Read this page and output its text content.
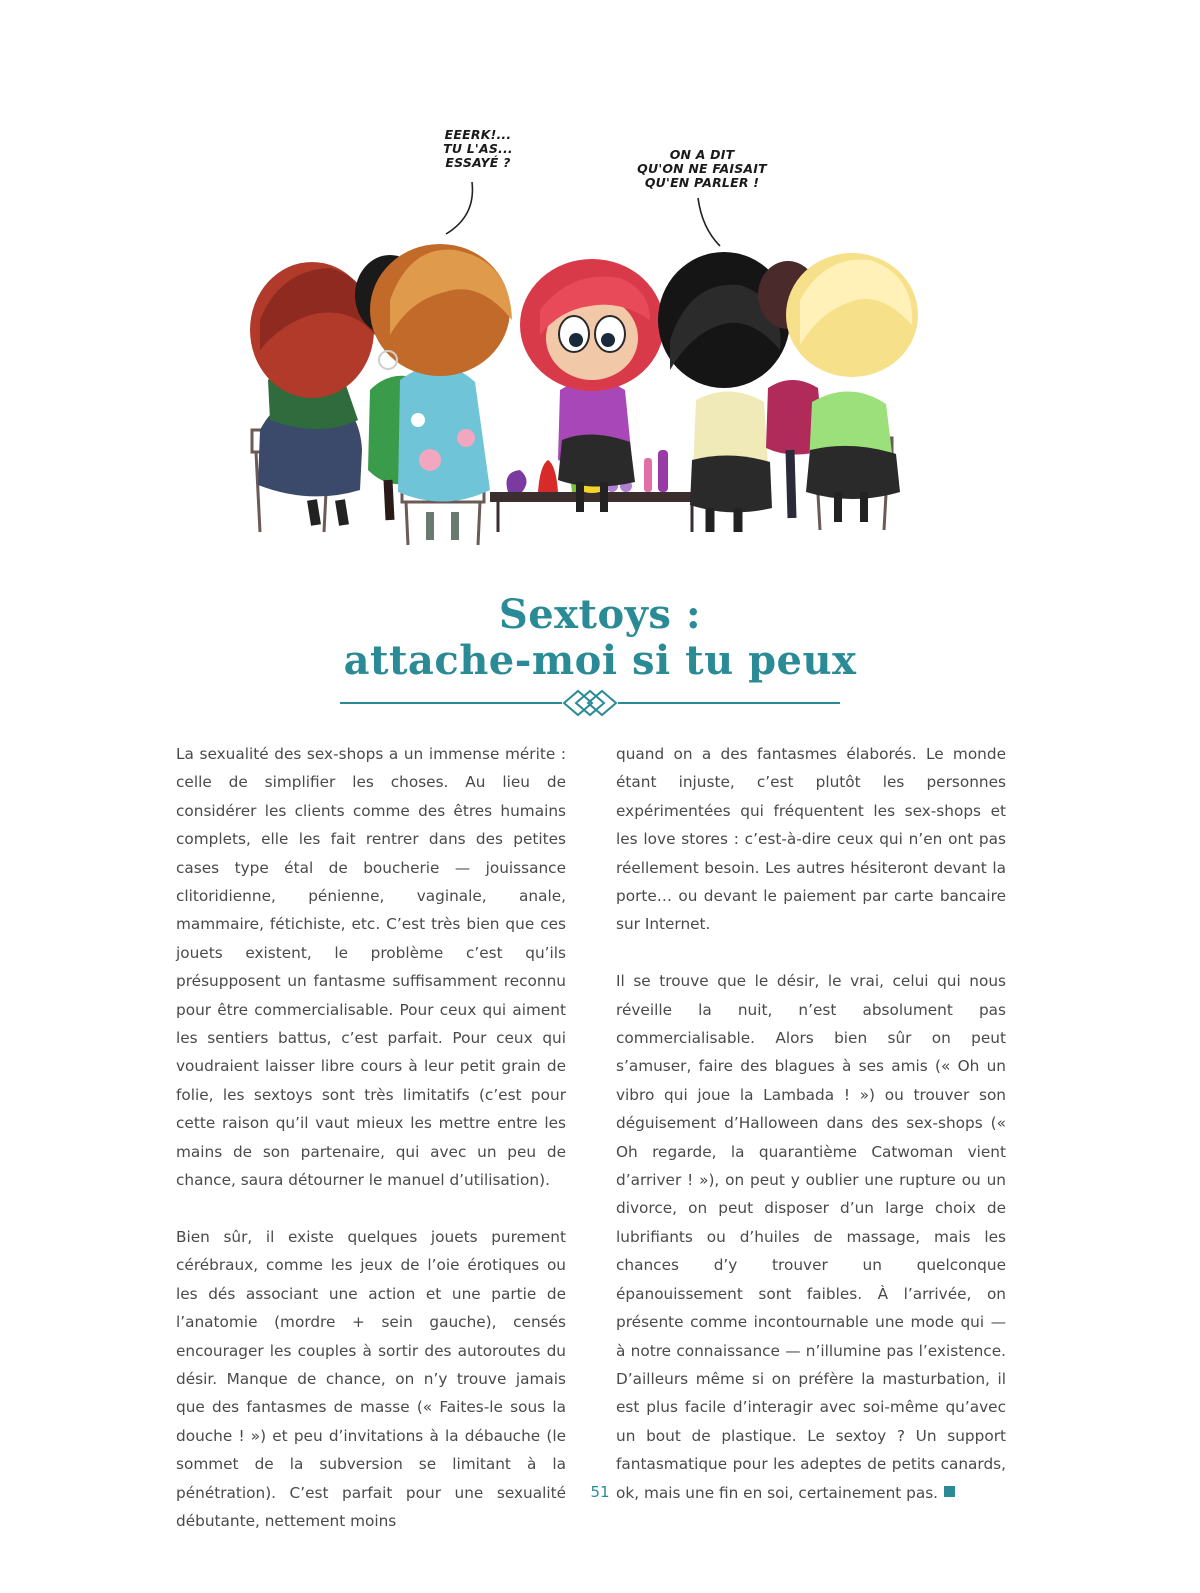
EEERK!...
TU L'AS...
ESSAYÉ ?
ON A DIT
QU'ON NE FAISAIT
QU'EN PARLER !
Sextoys :
attache-moi si tu peux

La sexualité des sex-shops a un immense mérite : celle de simplifier les choses. Au lieu de considérer les clients comme des êtres humains complets, elle les fait rentrer dans des petites cases type étal de boucherie — jouissance clitoridienne, pénienne, vaginale, anale, mammaire, fétichiste, etc. C’est très bien que ces jouets existent, le problème c’est qu’ils présupposent un fantasme suffisamment reconnu pour être commercialisable. Pour ceux qui aiment les sentiers battus, c’est parfait. Pour ceux qui voudraient laisser libre cours à leur petit grain de folie, les sextoys sont très limitatifs (c’est pour cette raison qu’il vaut mieux les mettre entre les mains de son partenaire, qui avec un peu de chance, saura détourner le manuel d’utilisation).

Bien sûr, il existe quelques jouets purement cérébraux, comme les jeux de l’oie érotiques ou les dés associant une action et une partie de l’anatomie (mordre + sein gauche), censés encourager les couples à sortir des autoroutes du désir. Manque de chance, on n’y trouve jamais que des fantasmes de masse (« Faites-le sous la douche ! ») et peu d’invitations à la débauche (le sommet de la subversion se limitant à la pénétration). C’est parfait pour une sexualité débutante, nettement moins

quand on a des fantasmes élaborés. Le monde étant injuste, c’est plutôt les personnes expérimentées qui fréquentent les sex-shops et les love stores : c’est-à-dire ceux qui n’en ont pas réellement besoin. Les autres hésiteront devant la porte… ou devant le paiement par carte bancaire sur Internet.

Il se trouve que le désir, le vrai, celui qui nous réveille la nuit, n’est absolument pas commercialisable. Alors bien sûr on peut s’amuser, faire des blagues à ses amis (« Oh un vibro qui joue la Lambada ! ») ou trouver son déguisement d’Halloween dans des sex-shops (« Oh regarde, la quarantième Catwoman vient d’arriver ! »), on peut y oublier une rupture ou un divorce, on peut disposer d’un large choix de lubrifiants ou d’huiles de massage, mais les chances d’y trouver un quelconque épanouissement sont faibles. À l’arrivée, on présente comme incontournable une mode qui — à notre connaissance — n’illumine pas l’existence. D’ailleurs même si on préfère la masturbation, il est plus facile d’interagir avec soi-même qu’avec un bout de plastique. Le sextoy ? Un support fantasmatique pour les adeptes de petits canards, ok, mais une fin en soi, certainement pas.

51
